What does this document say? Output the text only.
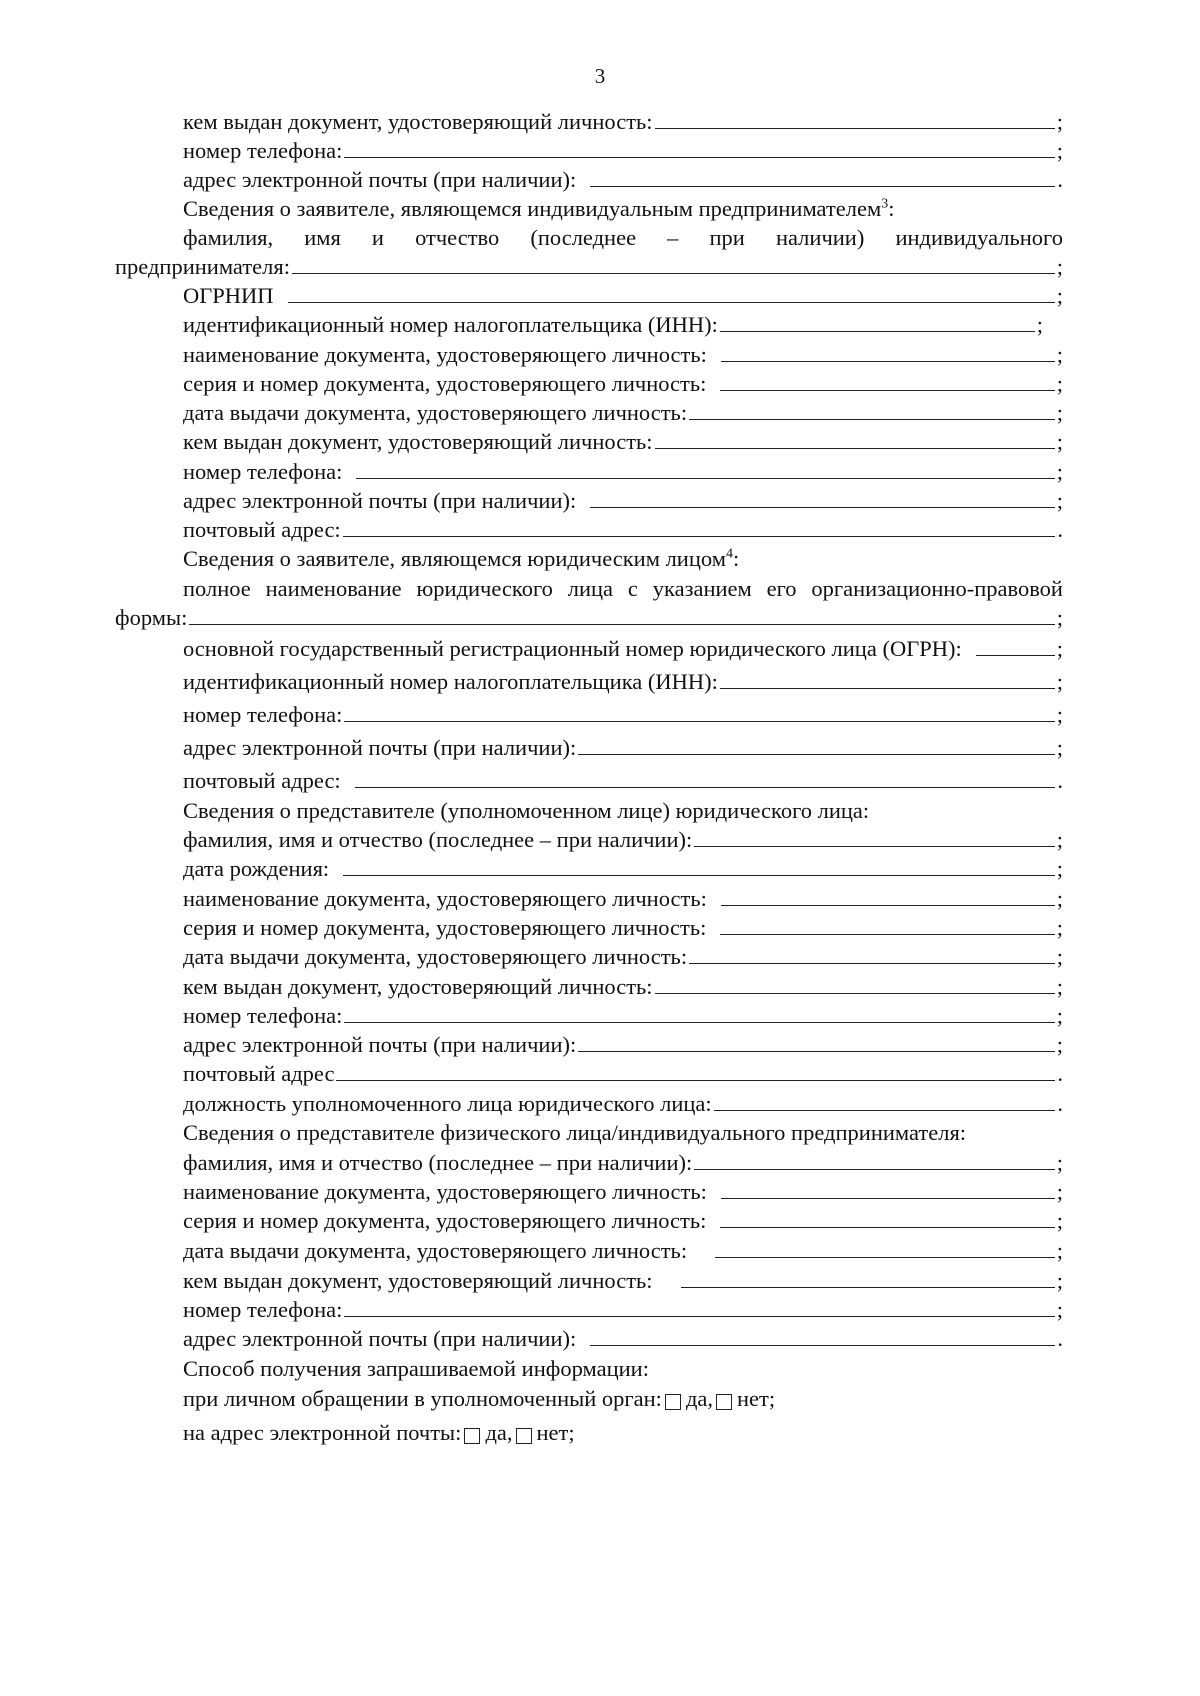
3
кем выдан документ, удостоверяющий личность:	;
номер телефона:	;
адрес электронной почты (при наличии):	.
Сведения о заявителе, являющемся индивидуальным предпринимателем$^3$:
фамилия, имя и отчество (последнее – при наличии) индивидуального
предпринимателя:	;
ОГРНИП	;
идентификационный номер налогоплательщика (ИНН):	;
наименование документа, удостоверяющего личность:	;
серия и номер документа, удостоверяющего личность:	;
дата выдачи документа, удостоверяющего личность:	;
кем выдан документ, удостоверяющий личность:	;
номер телефона:	;
адрес электронной почты (при наличии):	;
почтовый адрес:	.
Сведения о заявителе, являющемся юридическим лицом$^4$:
полное наименование юридического лица с указанием его организационно-правовой
формы:	;
основной государственный регистрационный номер юридического лица (ОГРН):	;
идентификационный номер налогоплательщика (ИНН):	;
номер телефона:	;
адрес электронной почты (при наличии):	;
почтовый адрес:	.
Сведения о представителе (уполномоченном лице) юридического лица:
фамилия, имя и отчество (последнее – при наличии):	;
дата рождения:	;
наименование документа, удостоверяющего личность:	;
серия и номер документа, удостоверяющего личность:	;
дата выдачи документа, удостоверяющего личность:	;
кем выдан документ, удостоверяющий личность:	;
номер телефона:	;
адрес электронной почты (при наличии):	;
почтовый адрес	.
должность уполномоченного лица юридического лица:	.
Сведения о представителе физического лица/индивидуального предпринимателя:
фамилия, имя и отчество (последнее – при наличии):	;
наименование документа, удостоверяющего личность:	;
серия и номер документа, удостоверяющего личность:	;
дата выдачи документа, удостоверяющего личность:	;
кем выдан документ, удостоверяющий личность:	;
номер телефона:	;
адрес электронной почты (при наличии):	.
Способ получения запрашиваемой информации:
при личном обращении в уполномоченный орган: да, нет;
на адрес электронной почты: да, нет;
